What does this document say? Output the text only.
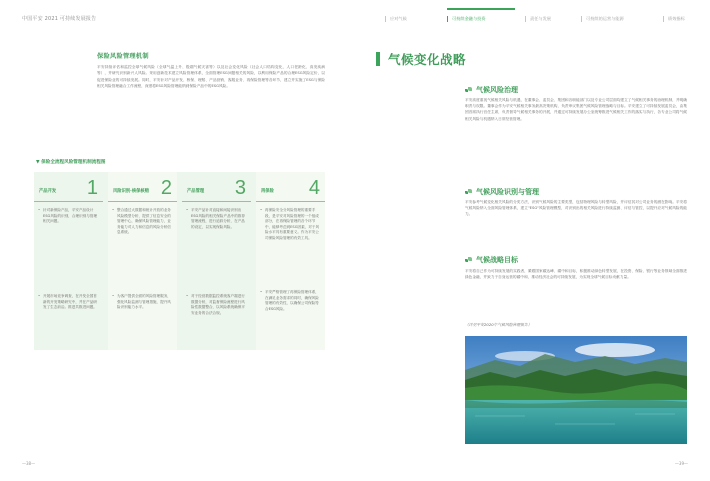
中国平安 2021 可持续发展报告	应对气候	可持续金融与投资	责任与发展	可持续的运营与能源	绩效指标
保险风险管理机制
平安持续评估和监控全球气候风险（全球气温上升、极端气候灾害等）以及社会变化风险（社会人口结构变化、人口老龄化、高发疾病等），并研究识别新兴人风险。采用创新技术建立风险管理体系，全面管理ESG问题相关的风险，以利用保险产品的合理ESG风险定价，以促进保险业的可持续发展。同时，平安针对产品开发、核保、理赔、产品营销、客服业务、再保险管理等各环节，建立并实施了ESG与保险相关风险管理融合工作流程，深度将ESG风险管理能纳到保险产品中的ESG风险。
▼ 保险全流程风险管理机制流程图
产品开发 1
• 针对新保险产品，平安产品设计ESG风险的识别，合理识别与管理相关问题。
• 开展市场竞争调查，在开发全国首新的开发策略研究中，并在产品研发了生态前沿。推进共推进问题。
风险识别·核保核赔 2
• 整合通过大数据和统计开放的业务风险模型分析，提供了信息安全的管理中心，确保风险管理能力，业务能力对人力和信息的风险分析信息系统。
• 为客户提供全面的风险管理服务，强化风险监测与管理措施，提升风险识别能力水平。
产品管理 3
• 平安产品针对直接和间接识别出ESG风险的相关保险产品中的推荐管理流程，进行追踪分析，在产品的设定，以实现保险风险。
• 对于经营数据监控系统客户端进行数据分析，对监督保险流程进行风险性数据整合，以风险系统确保平安业务的合法合规。
再保险 4
• 再保险安全分风险管理的重要手段，是平安对风险管理的一个组成部分，在再保险管理的各个环节中，能够考虑到ESG因素，对于风险水平具有重要意义。作为平安公司保险风险管理的有效工具。
• 平安严格管理了再保险管理体系，在满足业务需求的同时，确保风险管理的有效性，以确保公司保险符合ESG风险。
—38—
气候变化战略
气候风险治理
平安高度重视气候相关风险与机遇，在董事会、委员会、集团和各职能部门以及专业公司层面均建立了气候相关事务的治理机制，并明确职责与权限。董事会作为平安气候相关事务最高决策机构，负责审议集团气候风险管理战略与目标。平安建立了可持续发展委员会，由集团首席执行官任主席，负责督导气候相关事务的开展，并通过可持续发展办公室统筹推进气候相关工作的落实与执行，各专业公司将气候相关风险与机遇纳入日常经营管理。
气候风险识别与管理
平安参考气候变化相关风险的分类方法，识别气候风险的主要类型，包括物理风险与转型风险，并评估其对公司业务的潜在影响。平安将气候风险纳入全面风险管理体系，建立"ESG"风险管理模型，对识别出的相关风险进行持续监测、评估与管控，以提升应对气候风险的能力。
气候战略目标
平安将自己作为可持续发展的实践者，紧跟国家碳达峰、碳中和目标，积极推动绿色转型发展，在投资、保险、银行等业务领域全面推进绿色金融，并致力于自身运营的碳中和，推动经济社会的可持续发展，为实现全球气候目标贡献力量。
（详见平安2020年气候风险管理报告）
—39—
